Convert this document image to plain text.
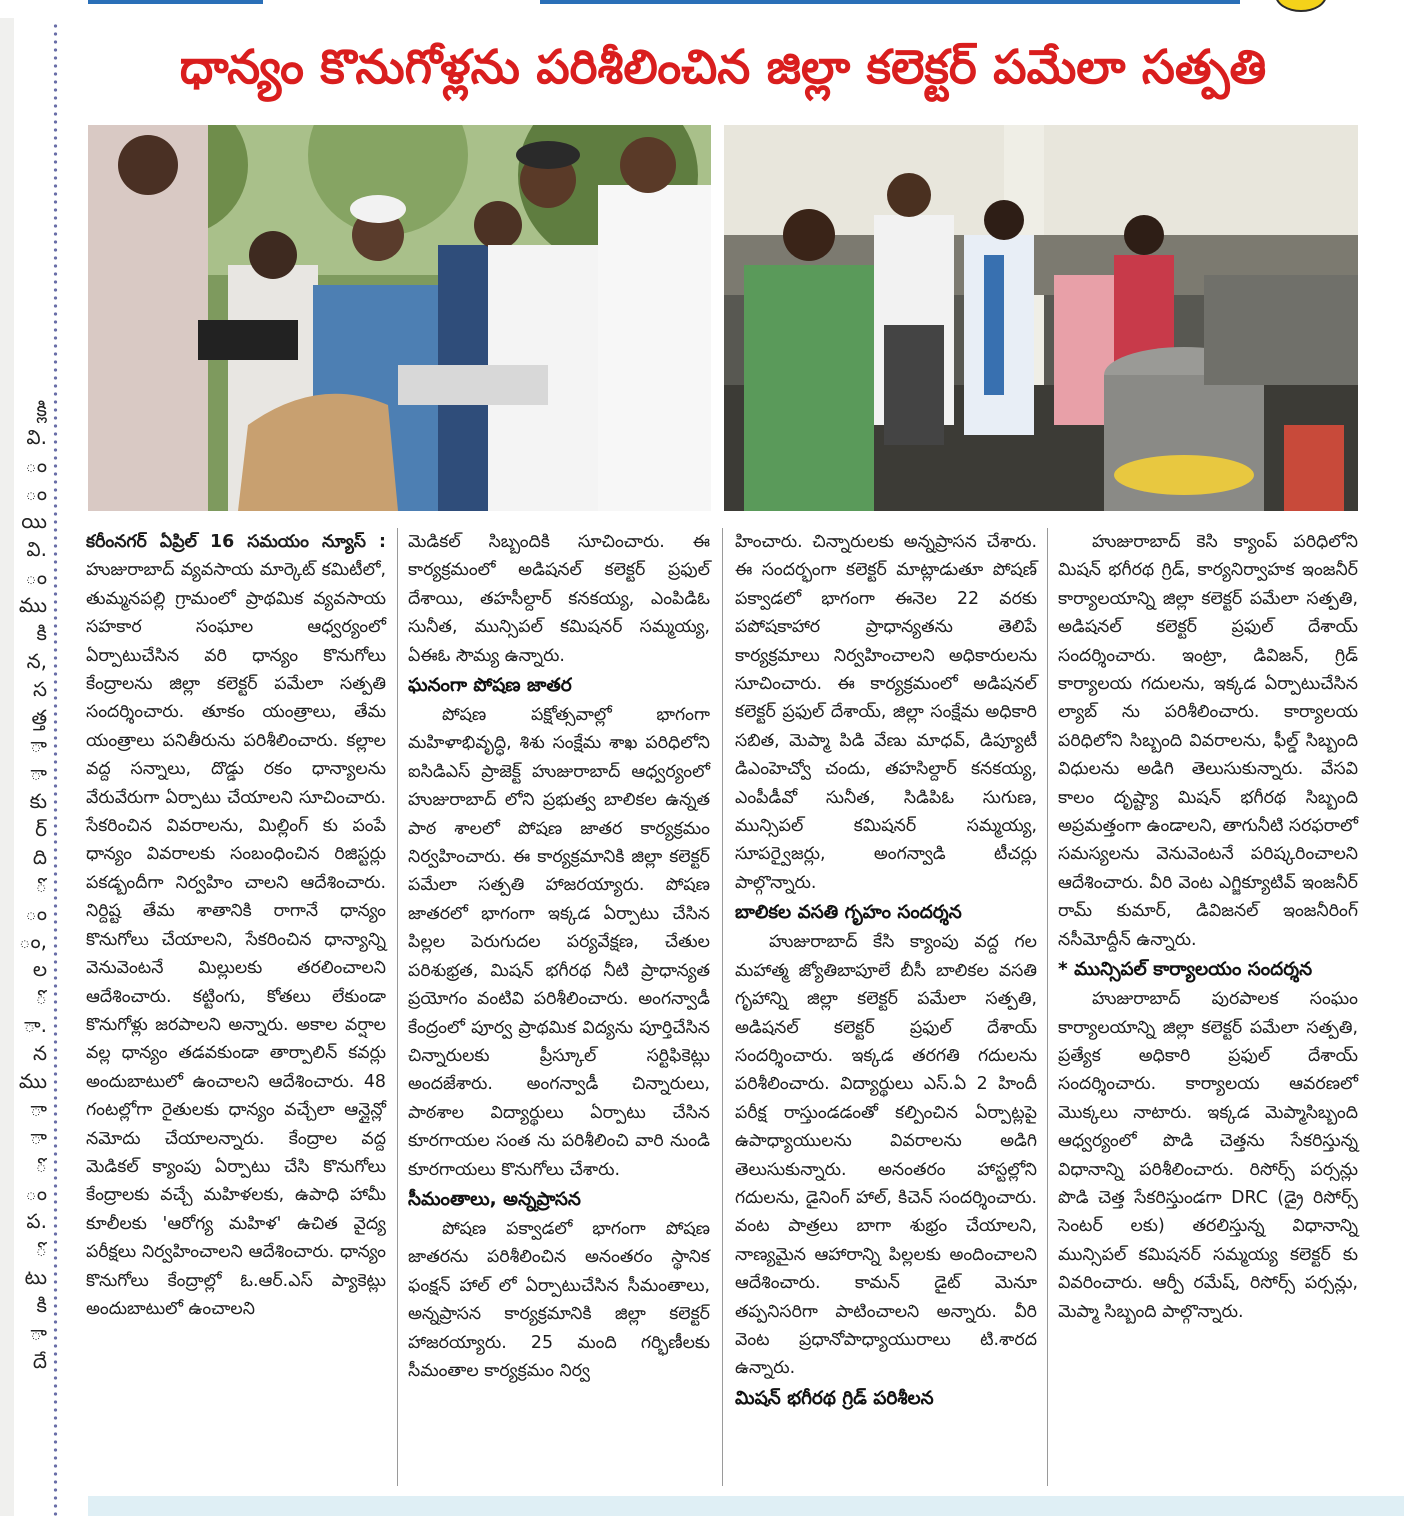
క్లి
వి.
ం
ం
యి
వి.
ం
ము
కి
న,
స
త్త
ా
ా
కు
ర్
ది
ో
ం
ం,
ల
ో
ా.
న
ము
ా
ా
ో
ం
ప.
ో
టు
కి
ా
దే
ధాన్యం కొనుగోళ్లను పరిశీలించిన జిల్లా కలెక్టర్ పమేలా సత్పతి

కరీంనగర్ ఏప్రిల్ 16 సమయం న్యూస్ : హుజురాబాద్ వ్యవసాయ మార్కెట్ కమిటీలో, తుమ్మనపల్లి గ్రామంలో ప్రాథమిక వ్యవసాయ సహకార సంఘాల ఆధ్వర్యంలో ఏర్పాటుచేసిన వరి ధాన్యం కొనుగోలు కేంద్రాలను జిల్లా కలెక్టర్ పమేలా సత్పతి సందర్శించారు. తూకం యంత్రాలు, తేమ యంత్రాలు పనితీరును పరిశీలించారు. కల్లాల వద్ద సన్నాలు, దొడ్డు రకం ధాన్యాలను వేరువేరుగా ఏర్పాటు చేయాలని సూచించారు. సేకరించిన వివరాలను, మిల్లింగ్ కు పంపే ధాన్యం వివరాలకు సంబంధించిన రిజిస్టర్లు పకడ్బందీగా నిర్వహిం చాలని ఆదేశించారు. నిర్దిష్ట తేమ శాతానికి రాగానే ధాన్యం కొనుగోలు చేయాలని, సేకరించిన ధాన్యాన్ని వెనువెంటనే మిల్లులకు తరలించాలని ఆదేశించారు. కట్టింగు, కోతలు లేకుండా కొనుగోళ్లు జరపాలని అన్నారు. అకాల వర్షాల వల్ల ధాన్యం తడవకుండా తార్పాలిన్ కవర్లు అందుబాటులో ఉంచాలని ఆదేశించారు. 48 గంటల్లోగా రైతులకు ధాన్యం వచ్చేలా ఆన్లైన్లో నమోదు చేయాలన్నారు. కేంద్రాల వద్ద మెడికల్ క్యాంపు ఏర్పాటు చేసి కొనుగోలు కేంద్రాలకు వచ్చే మహిళలకు, ఉపాధి హామీ కూలీలకు 'ఆరోగ్య మహిళ' ఉచిత వైద్య పరీక్షలు నిర్వహించాలని ఆదేశించారు. ధాన్యం కొనుగోలు కేంద్రాల్లో ఓ.ఆర్.ఎస్ ప్యాకెట్లు అందుబాటులో ఉంచాలని

మెడికల్ సిబ్బందికి సూచించారు. ఈ కార్యక్రమంలో అడిషనల్ కలెక్టర్ ప్రఫుల్ దేశాయి, తహసీల్దార్ కనకయ్య, ఎంపిడిఓ సునీత, మున్సిపల్ కమిషనర్ సమ్మయ్య, ఏఈఓ సౌమ్య ఉన్నారు.

ఘనంగా పోషణ జాతర

పోషణ పక్షోత్సవాల్లో భాగంగా మహిళాభివృద్ధి, శిశు సంక్షేమ శాఖ పరిధిలోని ఐసిడిఎస్ ప్రాజెక్ట్ హుజురాబాద్ ఆధ్వర్యంలో హుజురాబాద్ లోని ప్రభుత్వ బాలికల ఉన్నత పాఠ శాలలో పోషణ జాతర కార్యక్రమం నిర్వహించారు. ఈ కార్యక్రమానికి జిల్లా కలెక్టర్ పమేలా సత్పతి హాజరయ్యారు. పోషణ జాతరలో భాగంగా ఇక్కడ ఏర్పాటు చేసిన పిల్లల పెరుగుదల పర్యవేక్షణ, చేతుల పరిశుభ్రత, మిషన్ భగీరథ నీటి ప్రాధాన్యత ప్రయోగం వంటివి పరిశీలించారు. అంగన్వాడీ కేంద్రంలో పూర్వ ప్రాథమిక విద్యను పూర్తిచేసిన చిన్నారులకు ప్రీస్కూల్ సర్టిఫికెట్లు అందజేశారు. అంగన్వాడీ చిన్నారులు, పాఠశాల విద్యార్థులు ఏర్పాటు చేసిన కూరగాయల సంత ను పరిశీలించి వారి నుండి కూరగాయలు కొనుగోలు చేశారు.

సీమంతాలు, అన్నప్రాసన

పోషణ పక్వాడలో భాగంగా పోషణ జాతరను పరిశీలించిన అనంతరం స్థానిక ఫంక్షన్ హాల్ లో ఏర్పాటుచేసిన సీమంతాలు, అన్నప్రాసన కార్యక్రమానికి జిల్లా కలెక్టర్ హాజరయ్యారు. 25 మంది గర్భిణీలకు సీమంతాల కార్యక్రమం నిర్వ

హించారు. చిన్నారులకు అన్నప్రాసన చేశారు. ఈ సందర్భంగా కలెక్టర్ మాట్లాడుతూ పోషణ్ పక్వాడలో భాగంగా ఈనెల 22 వరకు పపోషకాహార ప్రాధాన్యతను తెలిపే కార్యక్రమాలు నిర్వహించాలని అధికారులను సూచించారు. ఈ కార్యక్రమంలో అడిషనల్ కలెక్టర్ ప్రఫుల్ దేశాయ్, జిల్లా సంక్షేమ అధికారి సబిత, మెప్మా పిడి వేణు మాధవ్, డిప్యూటీ డిఎంహెచ్వో చందు, తహసిల్దార్ కనకయ్య, ఎంపీడీవో సునీత, సిడిపిఓ సుగుణ, మున్సిపల్ కమిషనర్ సమ్మయ్య, సూపర్వైజర్లు, అంగన్వాడి టీచర్లు పాల్గొన్నారు.

బాలికల వసతి గృహం సందర్శన

హుజురాబాద్ కేసి క్యాంపు వద్ద గల మహాత్మ జ్యోతిబాపూలే బీసీ బాలికల వసతి గృహాన్ని జిల్లా కలెక్టర్ పమేలా సత్పతి, అడిషనల్ కలెక్టర్ ప్రఫుల్ దేశాయ్ సందర్శించారు. ఇక్కడ తరగతి గదులను పరిశీలించారు. విద్యార్థులు ఎస్.ఏ 2 హిందీ పరీక్ష రాస్తుండడంతో కల్పించిన ఏర్పాట్లపై ఉపాధ్యాయులను వివరాలను అడిగి తెలుసుకున్నారు. అనంతరం హాస్టల్లోని గదులను, డైనింగ్ హాల్, కిచెన్ సందర్శించారు. వంట పాత్రలు బాగా శుభ్రం చేయాలని, నాణ్యమైన ఆహారాన్ని పిల్లలకు అందించాలని ఆదేశించారు. కామన్ డైట్ మెనూ తప్పనిసరిగా పాటించాలని అన్నారు. వీరి వెంట ప్రధానోపాధ్యాయురాలు టి.శారద ఉన్నారు.

మిషన్ భగీరథ గ్రిడ్ పరిశీలన

హుజురాబాద్ కెసి క్యాంప్ పరిధిలోని మిషన్ భగీరథ గ్రిడ్, కార్యనిర్వాహక ఇంజనీర్ కార్యాలయాన్ని జిల్లా కలెక్టర్ పమేలా సత్పతి, అడిషనల్ కలెక్టర్ ప్రఫుల్ దేశాయ్ సందర్శించారు. ఇంట్రా, డివిజన్, గ్రిడ్ కార్యాలయ గదులను, ఇక్కడ ఏర్పాటుచేసిన ల్యాబ్ ను పరిశీలించారు. కార్యాలయ పరిధిలోని సిబ్బంది వివరాలను, ఫీల్డ్ సిబ్బంది విధులను అడిగి తెలుసుకున్నారు. వేసవి కాలం దృష్ట్యా మిషన్ భగీరథ సిబ్బంది అప్రమత్తంగా ఉండాలని, తాగునీటి సరఫరాలో సమస్యలను వెనువెంటనే పరిష్కరించాలని ఆదేశించారు. వీరి వెంట ఎగ్జిక్యూటివ్ ఇంజనీర్ రామ్ కుమార్, డివిజనల్ ఇంజనీరింగ్ నసీమోద్దీన్ ఉన్నారు.

* మున్సిపల్ కార్యాలయం సందర్శన

హుజురాబాద్ పురపాలక సంఘం కార్యాలయాన్ని జిల్లా కలెక్టర్ పమేలా సత్పతి, ప్రత్యేక అధికారి ప్రఫుల్ దేశాయ్ సందర్శించారు. కార్యాలయ ఆవరణలో మొక్కలు నాటారు. ఇక్కడ మెప్మాసిబ్బంది ఆధ్వర్యంలో పొడి చెత్తను సేకరిస్తున్న విధానాన్ని పరిశీలించారు. రిసోర్స్ పర్సన్లు పొడి చెత్త సేకరిస్తుండగా DRC (డ్రై రిసోర్స్ సెంటర్ లకు) తరలిస్తున్న విధానాన్ని మున్సిపల్ కమిషనర్ సమ్మయ్య కలెక్టర్ కు వివరించారు. ఆర్పీ రమేష్, రిసోర్స్ పర్సన్లు, మెప్మా సిబ్బంది పాల్గొన్నారు.
